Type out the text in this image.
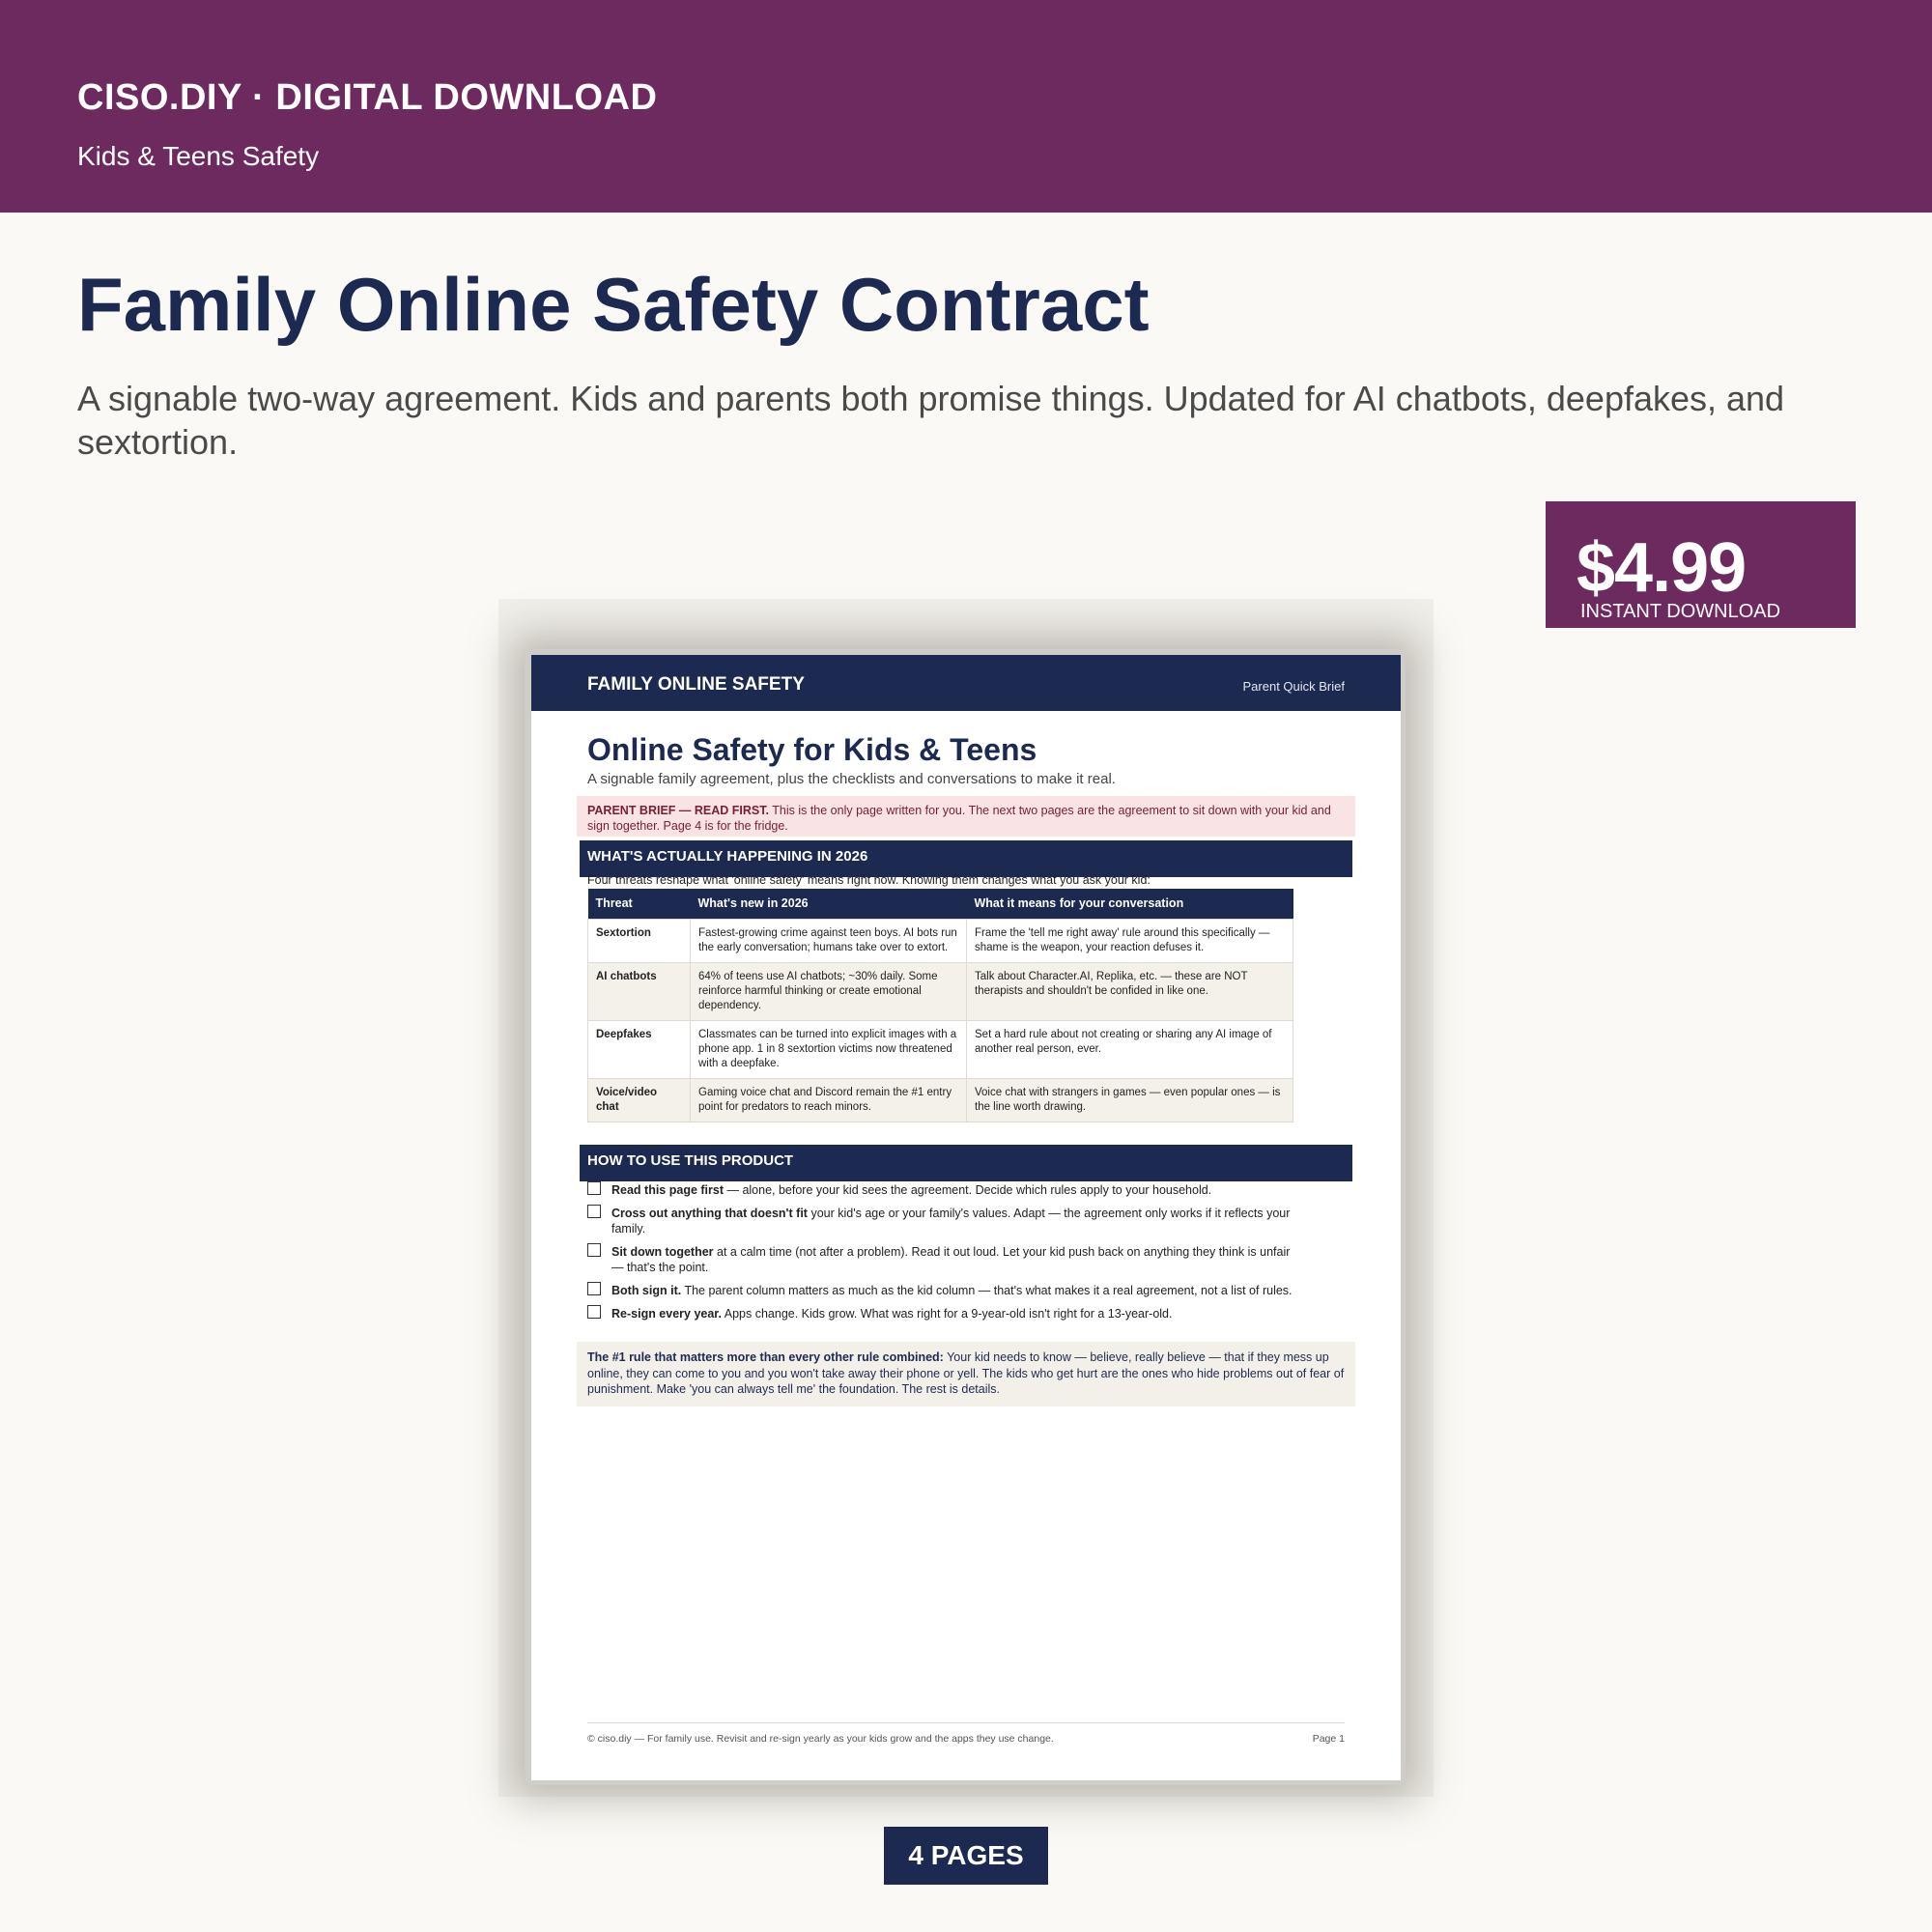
CISO.DIY · DIGITAL DOWNLOAD
Kids & Teens Safety
Family Online Safety Contract

A signable two-way agreement. Kids and parents both promise things. Updated for AI chatbots, deepfakes, and sextortion.

$4.99
INSTANT DOWNLOAD
FAMILY ONLINE SAFETY	Parent Quick Brief
Online Safety for Kids & Teens
A signable family agreement, plus the checklists and conversations to make it real.
PARENT BRIEF — READ FIRST. This is the only page written for you. The next two pages are the agreement to sit down with your kid and sign together. Page 4 is for the fridge.
WHAT'S ACTUALLY HAPPENING IN 2026
Four threats reshape what 'online safety' means right now. Knowing them changes what you ask your kid:
Threat	What's new in 2026	What it means for your conversation
Sextortion	Fastest-growing crime against teen boys. AI bots run the early conversation; humans take over to extort.	Frame the 'tell me right away' rule around this specifically — shame is the weapon, your reaction defuses it.
AI chatbots	64% of teens use AI chatbots; ~30% daily. Some reinforce harmful thinking or create emotional dependency.	Talk about Character.AI, Replika, etc. — these are NOT therapists and shouldn't be confided in like one.
Deepfakes	Classmates can be turned into explicit images with a phone app. 1 in 8 sextortion victims now threatened with a deepfake.	Set a hard rule about not creating or sharing any AI image of another real person, ever.
Voice/video chat	Gaming voice chat and Discord remain the #1 entry point for predators to reach minors.	Voice chat with strangers in games — even popular ones — is the line worth drawing.
HOW TO USE THIS PRODUCT
Read this page first — alone, before your kid sees the agreement. Decide which rules apply to your household.
Cross out anything that doesn't fit your kid's age or your family's values. Adapt — the agreement only works if it reflects your family.
Sit down together at a calm time (not after a problem). Read it out loud. Let your kid push back on anything they think is unfair — that's the point.
Both sign it. The parent column matters as much as the kid column — that's what makes it a real agreement, not a list of rules.
Re-sign every year. Apps change. Kids grow. What was right for a 9-year-old isn't right for a 13-year-old.
The #1 rule that matters more than every other rule combined: Your kid needs to know — believe, really believe — that if they mess up online, they can come to you and you won't take away their phone or yell. The kids who get hurt are the ones who hide problems out of fear of punishment. Make 'you can always tell me' the foundation. The rest is details.
© ciso.diy — For family use. Revisit and re-sign yearly as your kids grow and the apps they use change.	Page 1
4 PAGES
